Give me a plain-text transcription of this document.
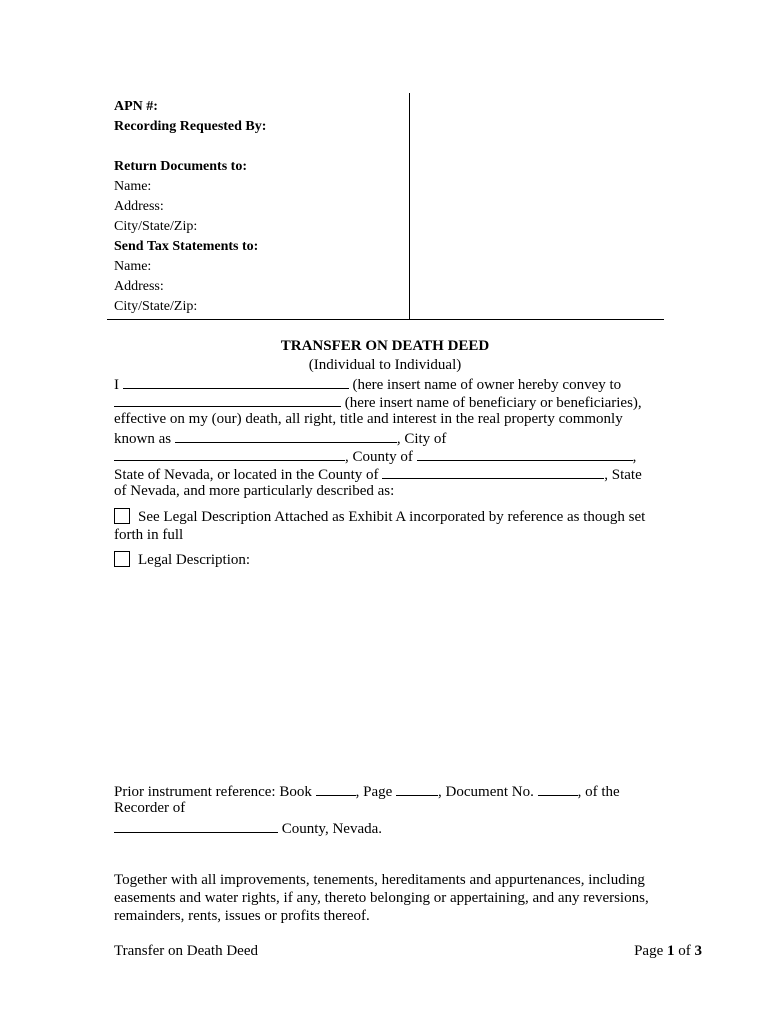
APN #:
Recording Requested By:
Return Documents to:
Name:
Address:
City/State/Zip:
Send Tax Statements to:
Name:
Address:
City/State/Zip:
TRANSFER ON DEATH DEED
(Individual to Individual)
I	(here insert name of owner hereby convey to
(here insert name of beneficiary or beneficiaries),
effective on my (our) death, all right, title and interest in the real property commonly
known as	, City of
, County of	,
State of Nevada, or located in the County of	, State
of Nevada, and more particularly described as:
See Legal Description Attached as Exhibit A incorporated by reference as though set
forth in full
Legal Description:
Prior instrument reference: Book	, Page	, Document No.	, of the
Recorder of
County, Nevada.
Together with all improvements, tenements, hereditaments and appurtenances, including
easements and water rights, if any, thereto belonging or appertaining, and any reversions,
remainders, rents, issues or profits thereof.
Transfer on Death Deed	Page 1 of 3
